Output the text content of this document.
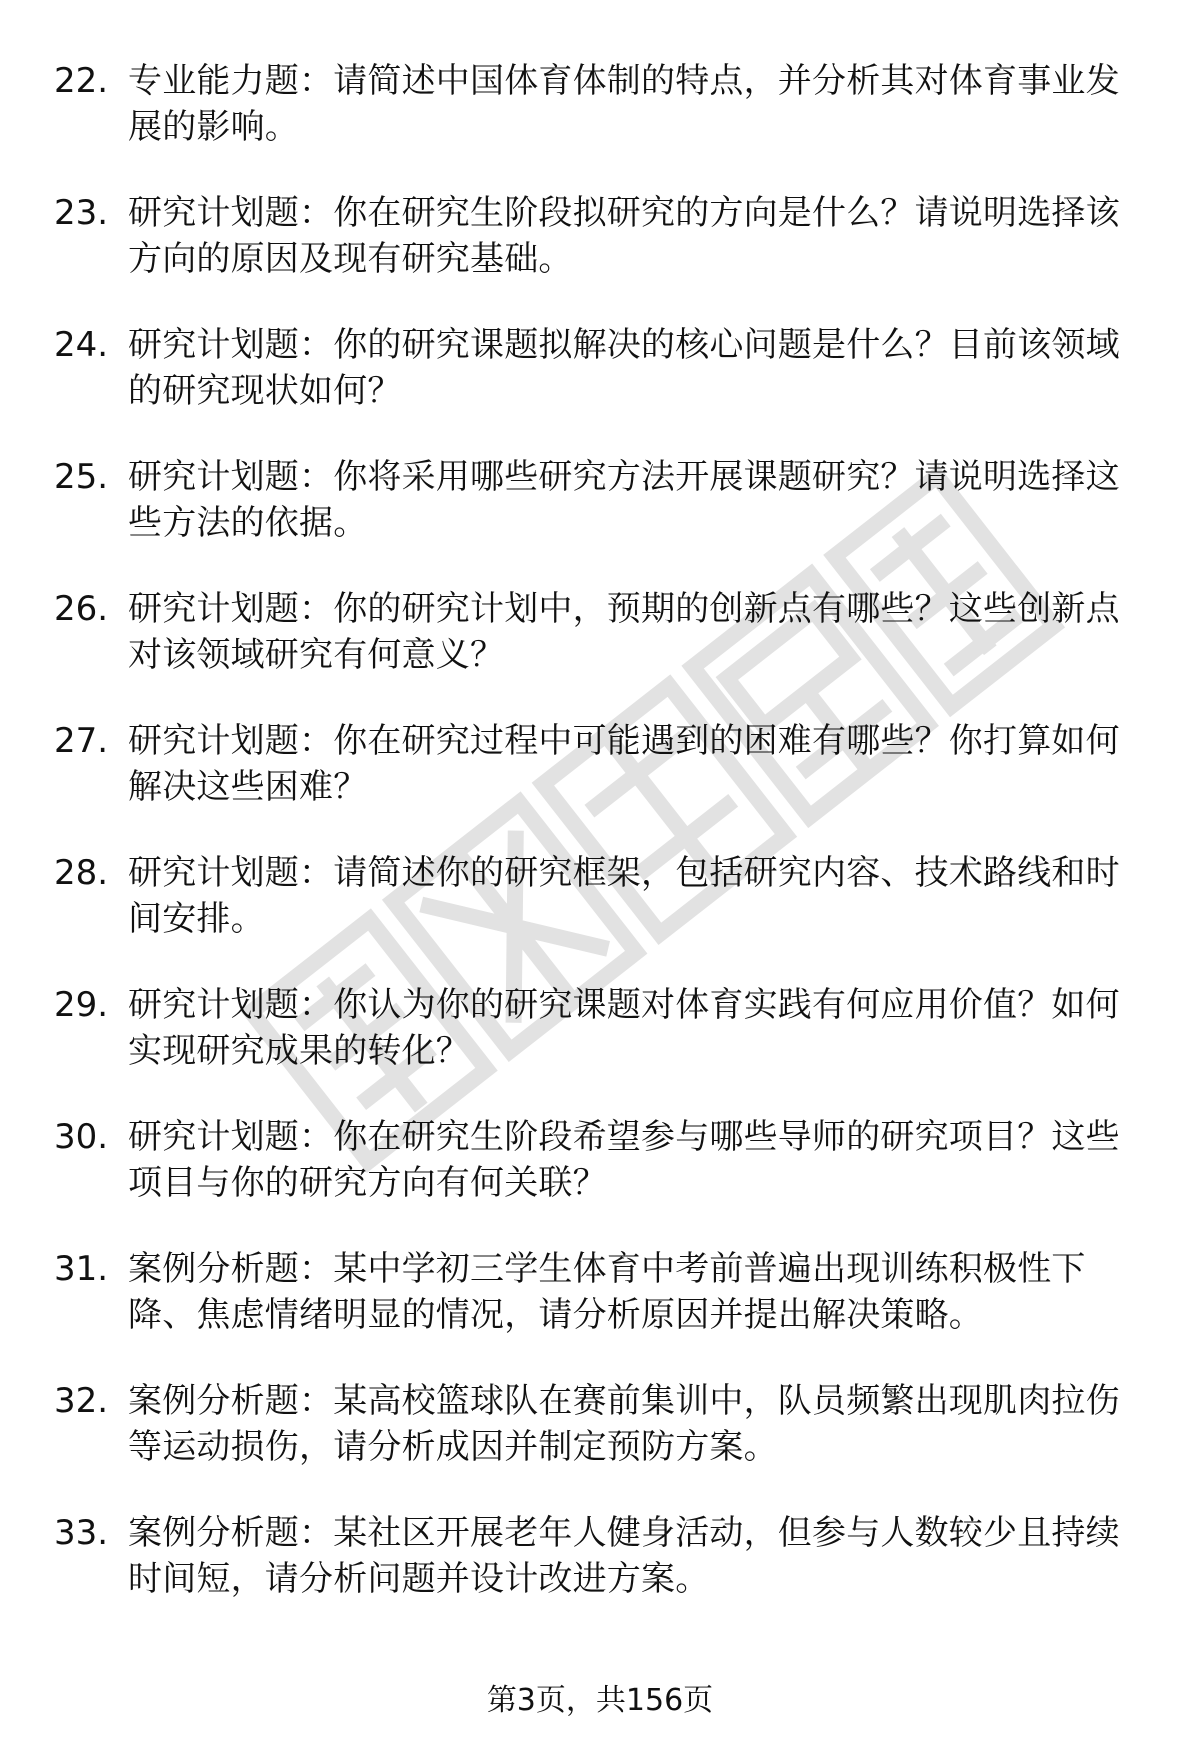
22. 专业能力题：请简述中国体育体制的特点，并分析其对体育事业发展的影响。
23. 研究计划题：你在研究生阶段拟研究的方向是什么？请说明选择该方向的原因及现有研究基础。
24. 研究计划题：你的研究课题拟解决的核心问题是什么？目前该领域的研究现状如何？
25. 研究计划题：你将采用哪些研究方法开展课题研究？请说明选择这些方法的依据。
26. 研究计划题：你的研究计划中，预期的创新点有哪些？这些创新点对该领域研究有何意义？
27. 研究计划题：你在研究过程中可能遇到的困难有哪些？你打算如何解决这些困难？
28. 研究计划题：请简述你的研究框架，包括研究内容、技术路线和时间安排。
29. 研究计划题：你认为你的研究课题对体育实践有何应用价值？如何实现研究成果的转化？
30. 研究计划题：你在研究生阶段希望参与哪些导师的研究项目？这些项目与你的研究方向有何关联？
31. 案例分析题：某中学初三学生体育中考前普遍出现训练积极性下降、焦虑情绪明显的情况，请分析原因并提出解决策略。
32. 案例分析题：某高校篮球队在赛前集训中，队员频繁出现肌肉拉伤等运动损伤，请分析成因并制定预防方案。
33. 案例分析题：某社区开展老年人健身活动，但参与人数较少且持续时间短，请分析问题并设计改进方案。
第3页，共156页
